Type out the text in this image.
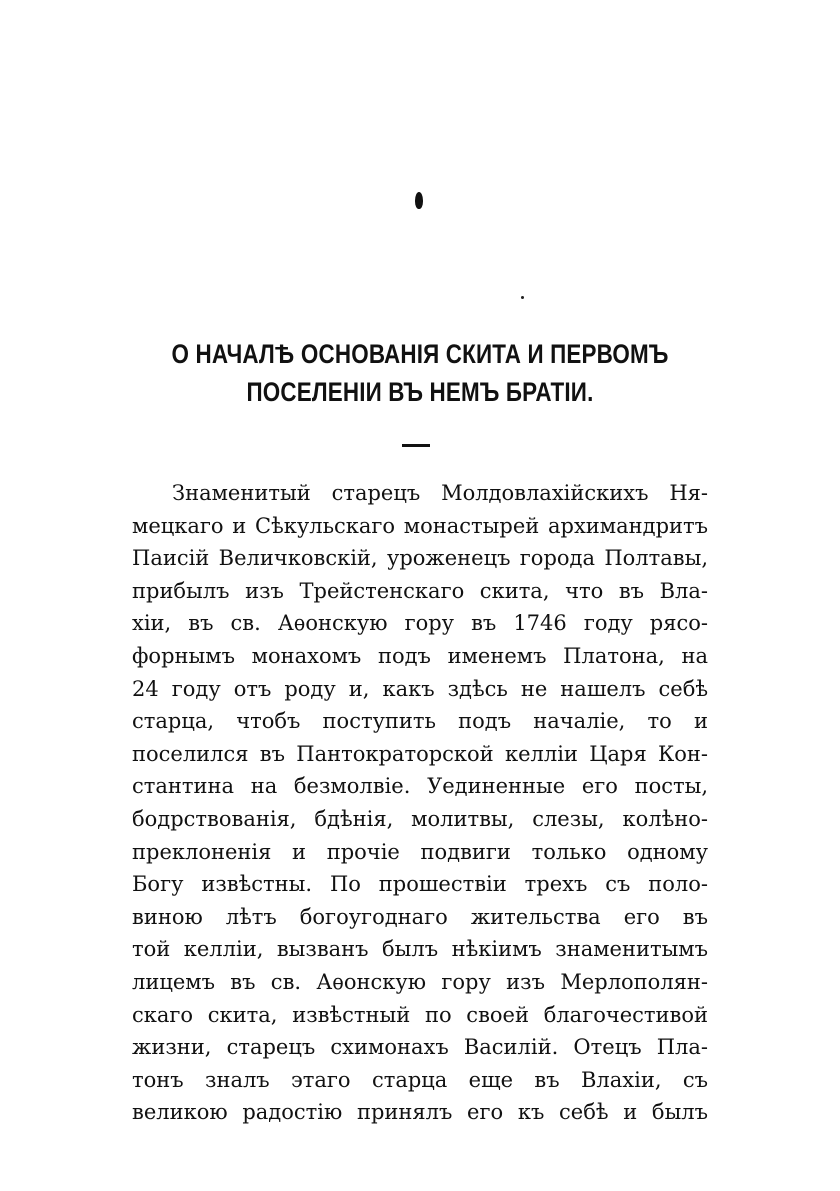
О НАЧАЛѢ ОСНОВАНІЯ СКИТА И ПЕРВОМЪ
ПОСЕЛЕНІИ ВЪ НЕМЪ БРАТІИ.
Знаменитый старецъ Молдовлахійскихъ Ня-
мецкаго и Сѣкульскаго монастырей архимандритъ
Паисій Величковскій, уроженецъ города Полтавы,
прибылъ изъ Трейстенскаго скита, что въ Вла-
хіи, въ св. Аѳонскую гору въ 1746 году рясо-
форнымъ монахомъ подъ именемъ Платона, на
24 году отъ роду и, какъ здѣсь не нашелъ себѣ
старца, чтобъ поступить подъ началіе, то и
поселился въ Пантократорской келліи Царя Кон-
стантина на безмолвіе. Уединенные его посты,
бодрствованія, бдѣнія, молитвы, слезы, колѣно-
преклоненія и прочіе подвиги только одному
Богу извѣстны. По прошествіи трехъ съ поло-
виною лѣтъ богоугоднаго жительства его въ
той келліи, вызванъ былъ нѣкіимъ знаменитымъ
лицемъ въ св. Аѳонскую гору изъ Мерлополян-
скаго скита, извѣстный по своей благочестивой
жизни, старецъ схимонахъ Василій. Отецъ Пла-
тонъ зналъ этаго старца еще въ Влахіи, съ
великою радостію принялъ его къ себѣ и былъ
